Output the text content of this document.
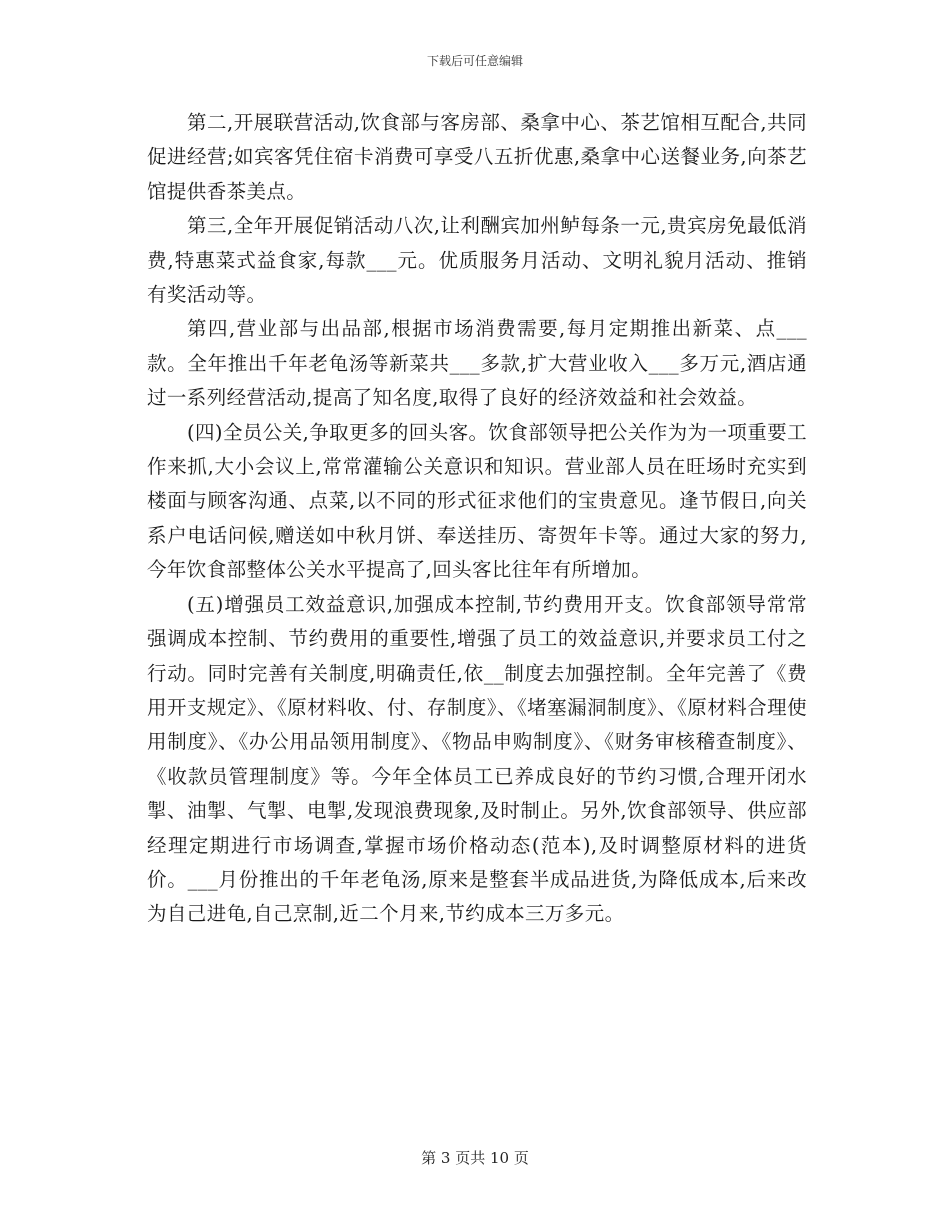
下载后可任意编辑

第二,开展联营活动,饮食部与客房部、桑拿中心、茶艺馆相互配合,共同促进经营;如宾客凭住宿卡消费可享受八五折优惠,桑拿中心送餐业务,向茶艺馆提供香茶美点。

第三,全年开展促销活动八次,让利酬宾加州鲈每条一元,贵宾房免最低消费,特惠菜式益食家,每款___元。优质服务月活动、文明礼貌月活动、推销有奖活动等。

第四,营业部与出品部,根据市场消费需要,每月定期推出新菜、点___款。全年推出千年老龟汤等新菜共___多款,扩大营业收入___多万元,酒店通过一系列经营活动,提高了知名度,取得了良好的经济效益和社会效益。

(四)全员公关,争取更多的回头客。饮食部领导把公关作为为一项重要工作来抓,大小会议上,常常灌输公关意识和知识。营业部人员在旺场时充实到楼面与顾客沟通、点菜,以不同的形式征求他们的宝贵意见。逢节假日,向关系户电话问候,赠送如中秋月饼、奉送挂历、寄贺年卡等。通过大家的努力,今年饮食部整体公关水平提高了,回头客比往年有所增加。

(五)增强员工效益意识,加强成本控制,节约费用开支。饮食部领导常常强调成本控制、节约费用的重要性,增强了员工的效益意识,并要求员工付之行动。同时完善有关制度,明确责任,依__制度去加强控制。全年完善了《费用开支规定》、《原材料收、付、存制度》、《堵塞漏洞制度》、《原材料合理使用制度》、《办公用品领用制度》、《物品申购制度》、《财务审核稽查制度》、《收款员管理制度》等。今年全体员工已养成良好的节约习惯,合理开闭水掣、油掣、气掣、电掣,发现浪费现象,及时制止。另外,饮食部领导、供应部经理定期进行市场调查,掌握市场价格动态(范本),及时调整原材料的进货价。___月份推出的千年老龟汤,原来是整套半成品进货,为降低成本,后来改为自己进龟,自己烹制,近二个月来,节约成本三万多元。

第 3 页共 10 页
